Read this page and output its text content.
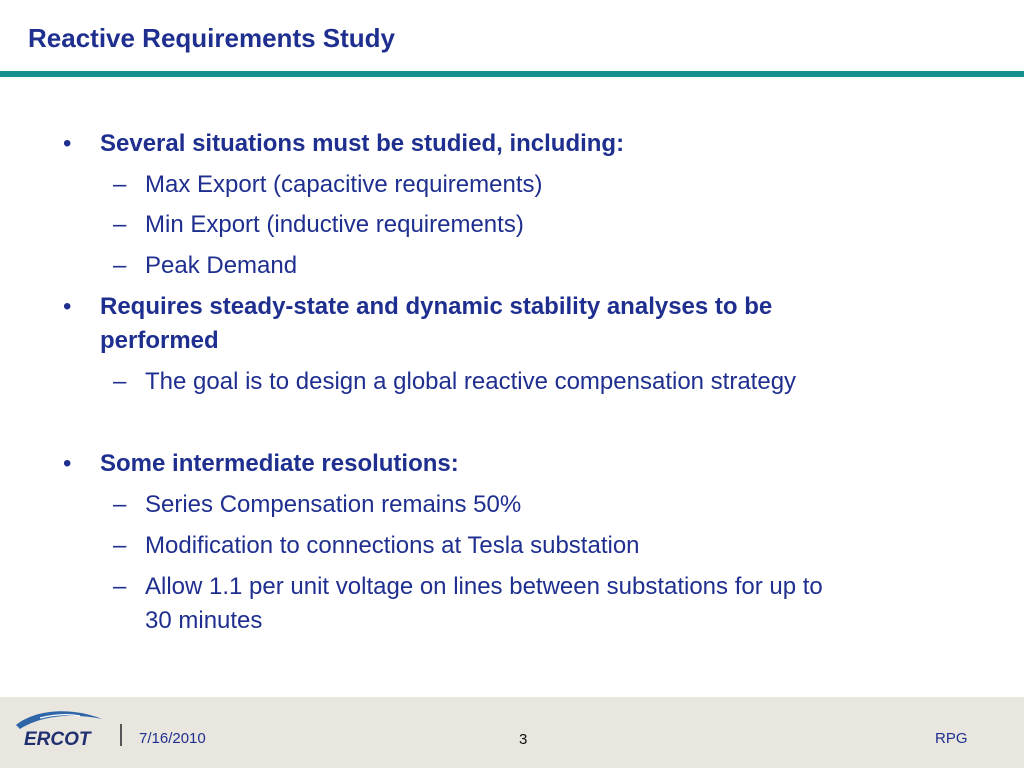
Reactive Requirements Study
• Several situations must be studied, including:
– Max Export (capacitive requirements)
– Min Export (inductive requirements)
– Peak Demand
• Requires steady-state and dynamic stability analyses to be
performed
– The goal is to design a global reactive compensation strategy
• Some intermediate resolutions:
– Series Compensation remains 50%
– Modification to connections at Tesla substation
– Allow 1.1 per unit voltage on lines between substations for up to
30 minutes
ERCOT	7/16/2010	3	RPG
